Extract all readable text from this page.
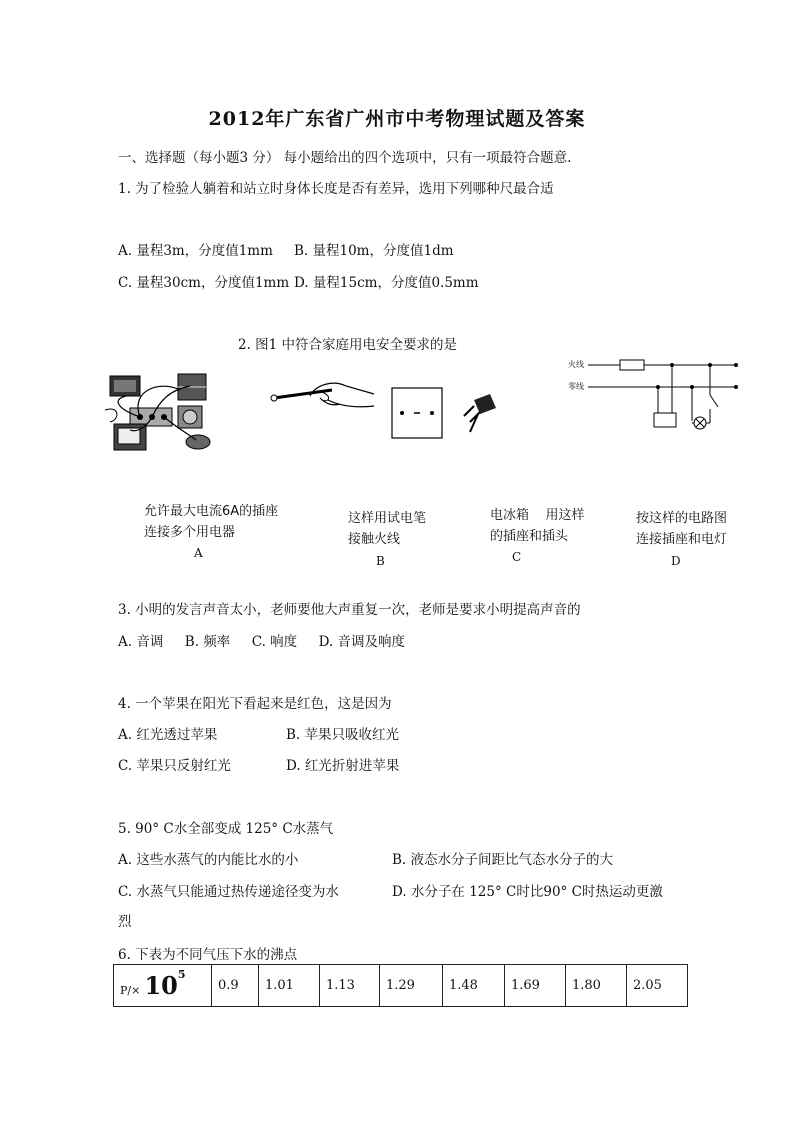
2012年广东省广州市中考物理试题及答案
一、选择题（每小题3 分） 每小题给出的四个选项中，只有一项最符合题意.
1. 为了检验人躺着和站立时身体长度是否有差异，选用下列哪种尺最合适
A. 量程3m，分度值1mm B. 量程10m，分度值1dm
C. 量程30cm，分度值1mm D. 量程15cm，分度值0.5mm
2. 图1 中符合家庭用电安全要求的是
火线
零线
允许最大电流6A的插座
连接多个用电器
A
这样用试电笔
接触火线
B
电冰箱    用这样
的插座和插头
C
按这样的电路图
连接插座和电灯
D
3. 小明的发言声音太小，老师要他大声重复一次，老师是要求小明提高声音的
A. 音调     B. 频率     C. 响度     D. 音调及响度
4. 一个苹果在阳光下看起来是红色，这是因为
A. 红光透过苹果	B. 苹果只吸收红光
C. 苹果只反射红光	D. 红光折射进苹果
5. 90° C水全部变成 125° C水蒸气
A. 这些水蒸气的内能比水的小	B. 液态水分子间距比气态水分子的大
C. 水蒸气只能通过热传递途径变为水	D. 水分子在 125° C时比90° C时热运动更激
烈
6. 下表为不同气压下水的沸点
$P/\times 10^5$	0.9	1.01	1.13	1.29	1.48	1.69	1.80	2.05
